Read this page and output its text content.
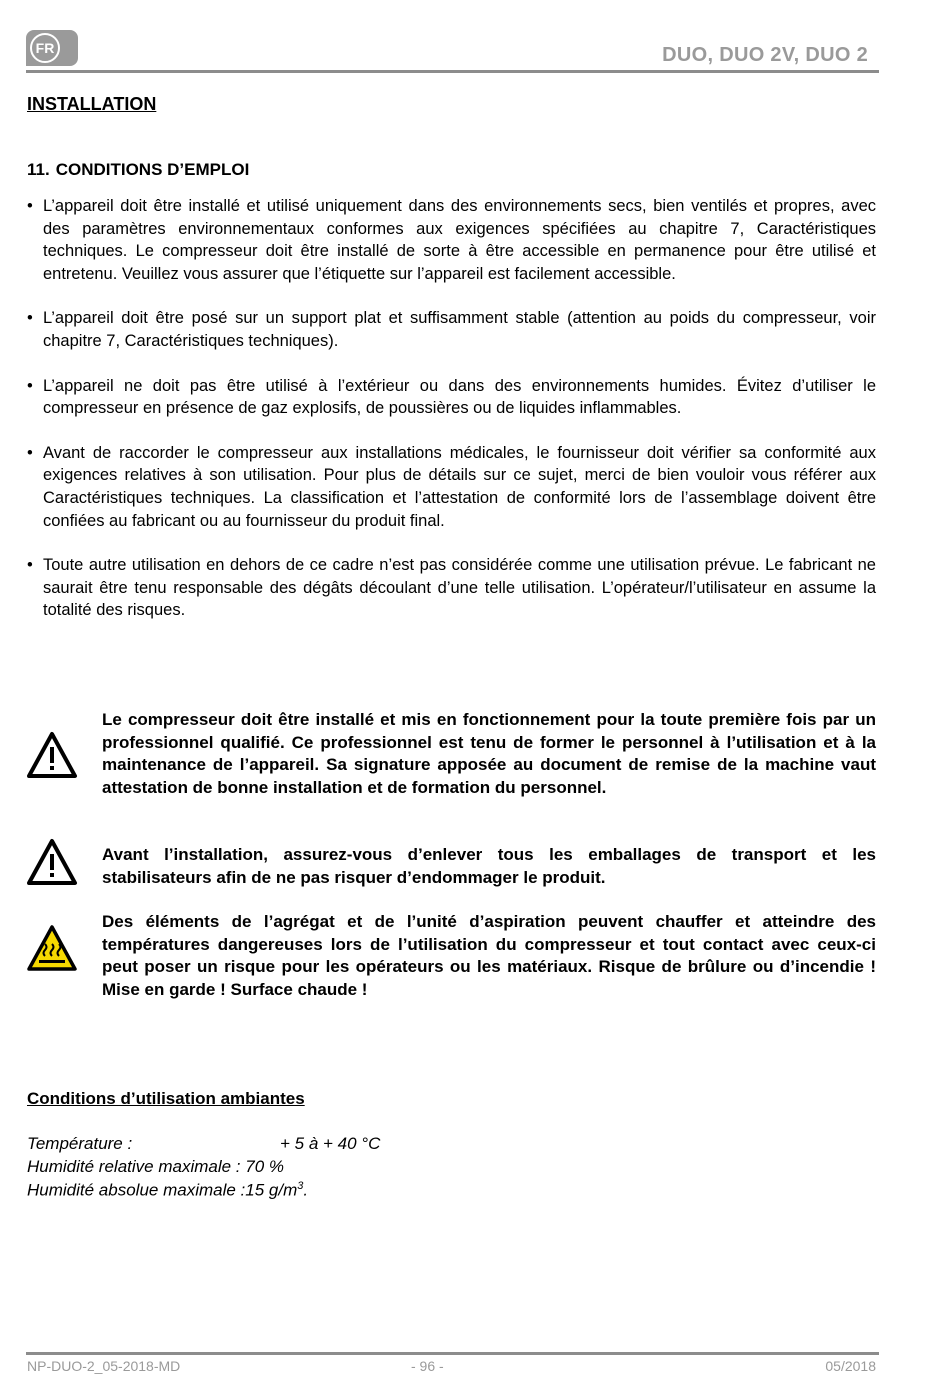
FR	DUO, DUO 2V, DUO 2
INSTALLATION
11. CONDITIONS D’EMPLOI
• L’appareil doit être installé et utilisé uniquement dans des environnements secs, bien ventilés et propres, avec des paramètres environnementaux conformes aux exigences spécifiées au chapitre 7, Caractéristiques techniques. Le compresseur doit être installé de sorte à être accessible en permanence pour être utilisé et entretenu. Veuillez vous assurer que l’étiquette sur l’appareil est facilement accessible.
• L’appareil doit être posé sur un support plat et suffisamment stable (attention au poids du compresseur, voir chapitre 7, Caractéristiques techniques).
• L’appareil ne doit pas être utilisé à l’extérieur ou dans des environnements humides. Évitez d’utiliser le compresseur en présence de gaz explosifs, de poussières ou de liquides inflammables.
• Avant de raccorder le compresseur aux installations médicales, le fournisseur doit vérifier sa conformité aux exigences relatives à son utilisation. Pour plus de détails sur ce sujet, merci de bien vouloir vous référer aux Caractéristiques techniques. La classification et l’attestation de conformité lors de l’assemblage doivent être confiées au fabricant ou au fournisseur du produit final.
• Toute autre utilisation en dehors de ce cadre n’est pas considérée comme une utilisation prévue. Le fabricant ne saurait être tenu responsable des dégâts découlant d’une telle utilisation. L’opérateur/l’utilisateur en assume la totalité des risques.
Le compresseur doit être installé et mis en fonctionnement pour la toute première fois par un professionnel qualifié. Ce professionnel est tenu de former le personnel à l’utilisation et à la maintenance de l’appareil. Sa signature apposée au document de remise de la machine vaut attestation de bonne installation et de formation du personnel.
Avant l’installation, assurez-vous d’enlever tous les emballages de transport et les stabilisateurs afin de ne pas risquer d’endommager le produit.
Des éléments de l’agrégat et de l’unité d’aspiration peuvent chauffer et atteindre des températures dangereuses lors de l’utilisation du compresseur et tout contact avec ceux-ci peut poser un risque pour les opérateurs ou les matériaux. Risque de brûlure ou d’incendie ! Mise en garde ! Surface chaude !
Conditions d’utilisation ambiantes
Température :	+ 5 à + 40 °C
Humidité relative maximale : 70 %
Humidité absolue maximale :15 $g/m^3$.
NP-DUO-2_05-2018-MD	- 96 -	05/2018
